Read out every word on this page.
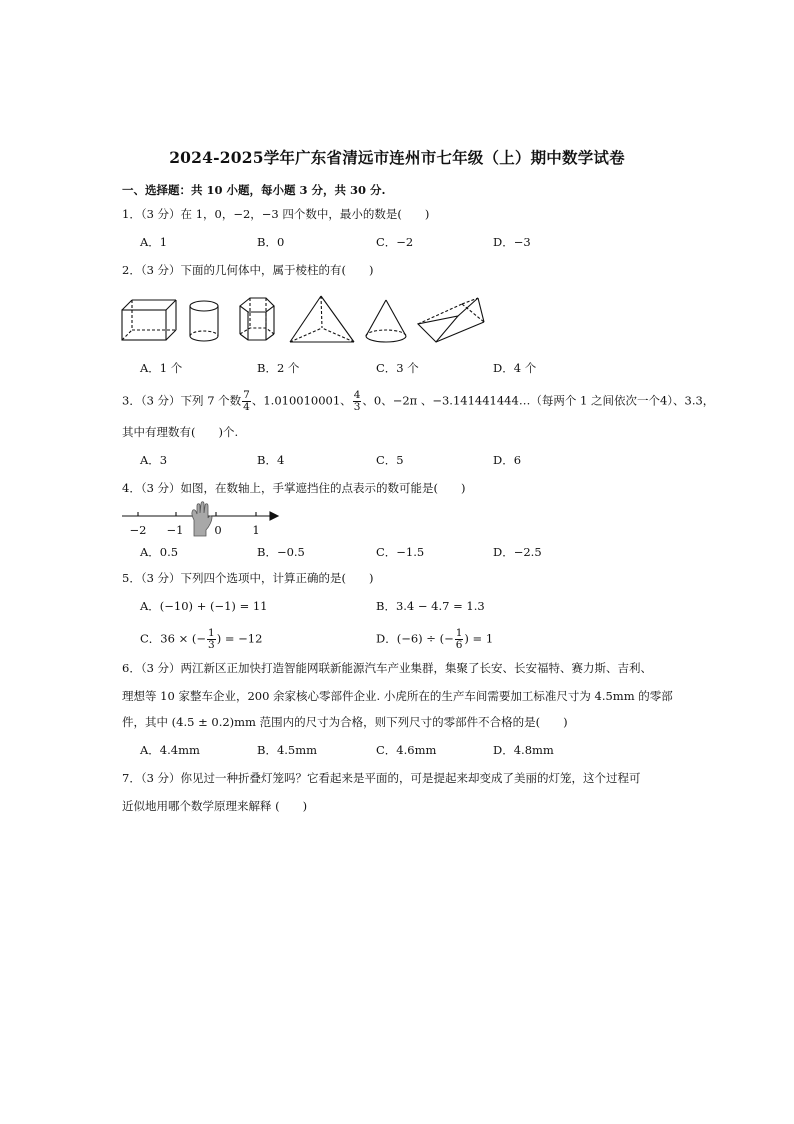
2024-2025学年广东省清远市连州市七年级（上）期中数学试卷
一、选择题：共 10 小题，每小题 3 分，共 30 分.
1．（3 分）在 1，0，−2，−3 四个数中，最小的数是(　　)
A．1	B．0	C．−2	D．−3
2．（3 分）下面的几何体中，属于棱柱的有(　　)
A．1 个	B．2 个	C．3 个	D．4 个
3．（3 分）下列 7 个数 $\frac{7}{4}$ 、1.010010001、 $\frac{4}{3}$ 、0、−2π 、−3.141441444…（每两个 1 之间依次一个4）、3.3，
其中有理数有(　　)个.
A．3	B．4	C．5	D．6
4．（3 分）如图，在数轴上，手掌遮挡住的点表示的数可能是(　　)
−2 −1	0	1
A．0.5	B．−0.5	C．−1.5	D．−2.5
5．（3 分）下列四个选项中，计算正确的是(　　)
A．(−10) + (−1) = 11	B．3.4 − 4.7 = 1.3
C．36 × (− $\frac{1}{3}$ ) = −12	D．(−6) ÷ (− $\frac{1}{6}$ ) = 1
6．（3 分）两江新区正加快打造智能网联新能源汽车产业集群，集聚了长安、长安福特、赛力斯、吉利、
理想等 10 家整车企业，200 余家核心零部件企业. 小虎所在的生产车间需要加工标准尺寸为 4.5mm 的零部
件，其中 (4.5 ± 0.2)mm 范围内的尺寸为合格，则下列尺寸的零部件不合格的是(　　)
A．4.4mm	B．4.5mm	C．4.6mm	D．4.8mm
7．（3 分）你见过一种折叠灯笼吗？它看起来是平面的，可是提起来却变成了美丽的灯笼，这个过程可
近似地用哪个数学原理来解释 (　　)
